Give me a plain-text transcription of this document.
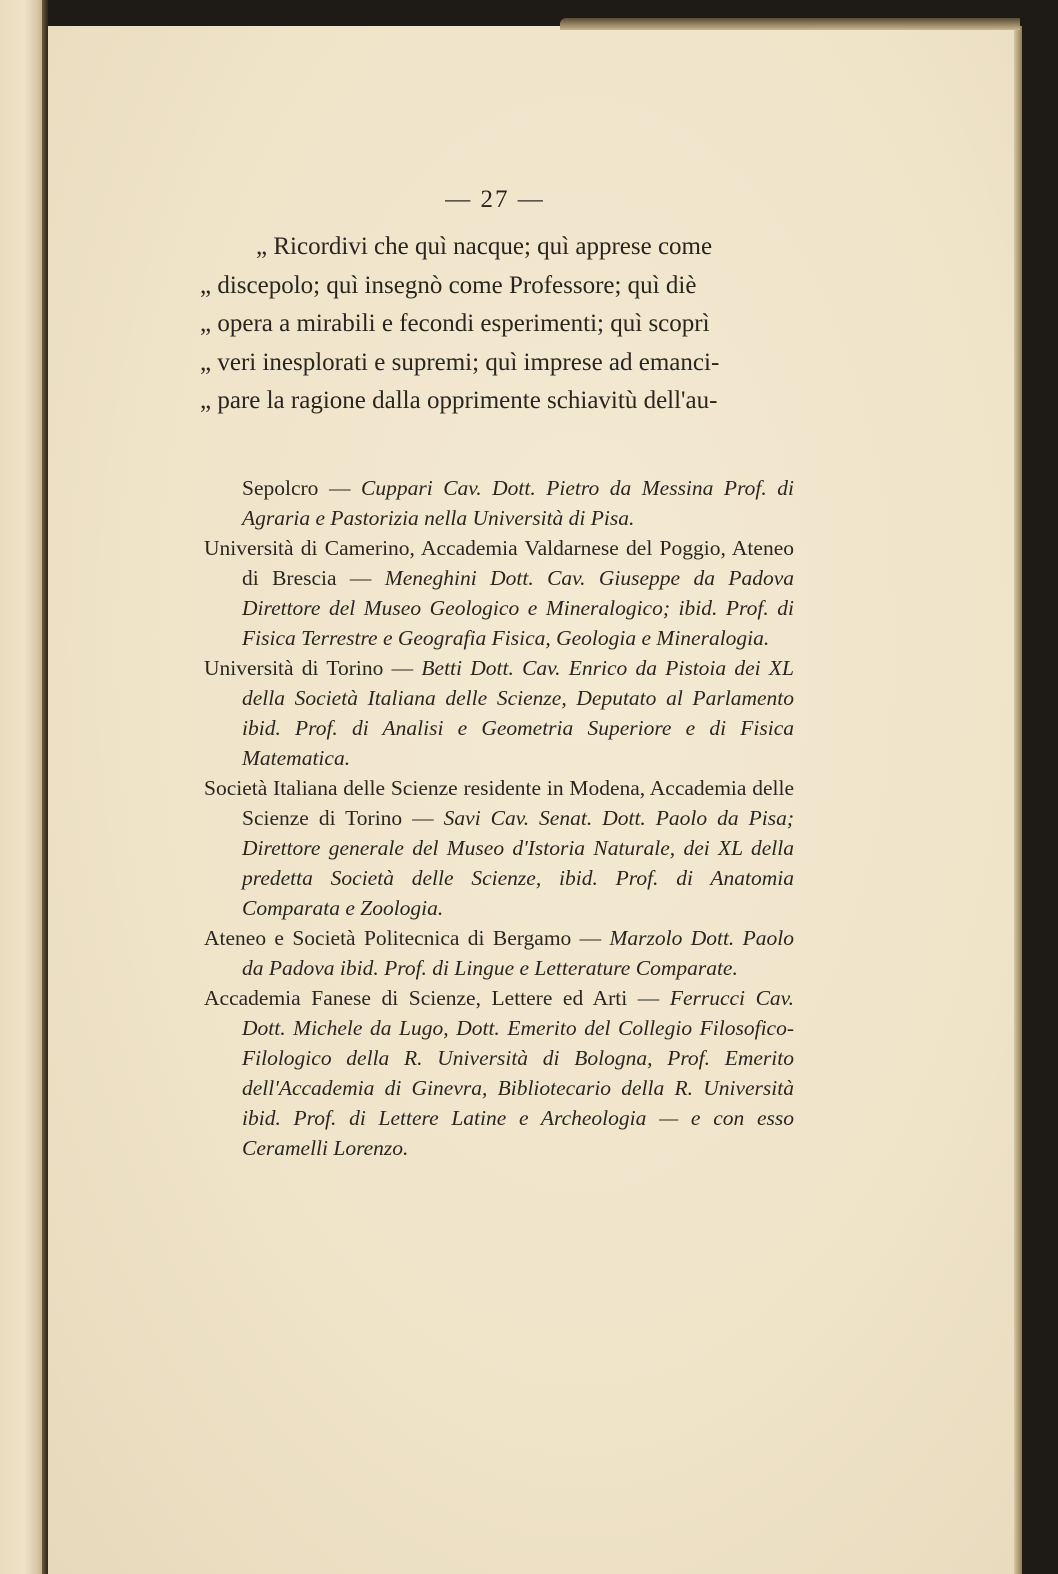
— 27 —
„ Ricordivi che quì nacque; quì apprese come
„ discepolo; quì insegnò come Professore; quì diè
„ opera a mirabili e fecondi esperimenti; quì scoprì
„ veri inesplorati e supremi; quì imprese ad emanci-
„ pare la ragione dalla opprimente schiavitù dell'au-

Sepolcro — Cuppari Cav. Dott. Pietro da Messina Prof. di Agraria e Pastorizia nella Università di Pisa.

Università di Camerino, Accademia Valdarnese del Poggio, Ateneo di Brescia — Meneghini Dott. Cav. Giuseppe da Padova Direttore del Museo Geologico e Mineralogico; ibid. Prof. di Fisica Terrestre e Geografia Fisica, Geologia e Mineralogia.

Università di Torino — Betti Dott. Cav. Enrico da Pistoia dei XL della Società Italiana delle Scienze, Deputato al Parlamento ibid. Prof. di Analisi e Geometria Superiore e di Fisica Matematica.

Società Italiana delle Scienze residente in Modena, Accademia delle Scienze di Torino — Savi Cav. Senat. Dott. Paolo da Pisa; Direttore generale del Museo d'Istoria Naturale, dei XL della predetta Società delle Scienze, ibid. Prof. di Anatomia Comparata e Zoologia.

Ateneo e Società Politecnica di Bergamo — Marzolo Dott. Paolo da Padova ibid. Prof. di Lingue e Letterature Comparate.

Accademia Fanese di Scienze, Lettere ed Arti — Ferrucci Cav. Dott. Michele da Lugo, Dott. Emerito del Collegio Filosofico-Filologico della R. Università di Bologna, Prof. Emerito dell'Accademia di Ginevra, Bibliotecario della R. Università ibid. Prof. di Lettere Latine e Archeologia — e con esso Ceramelli Lorenzo.
